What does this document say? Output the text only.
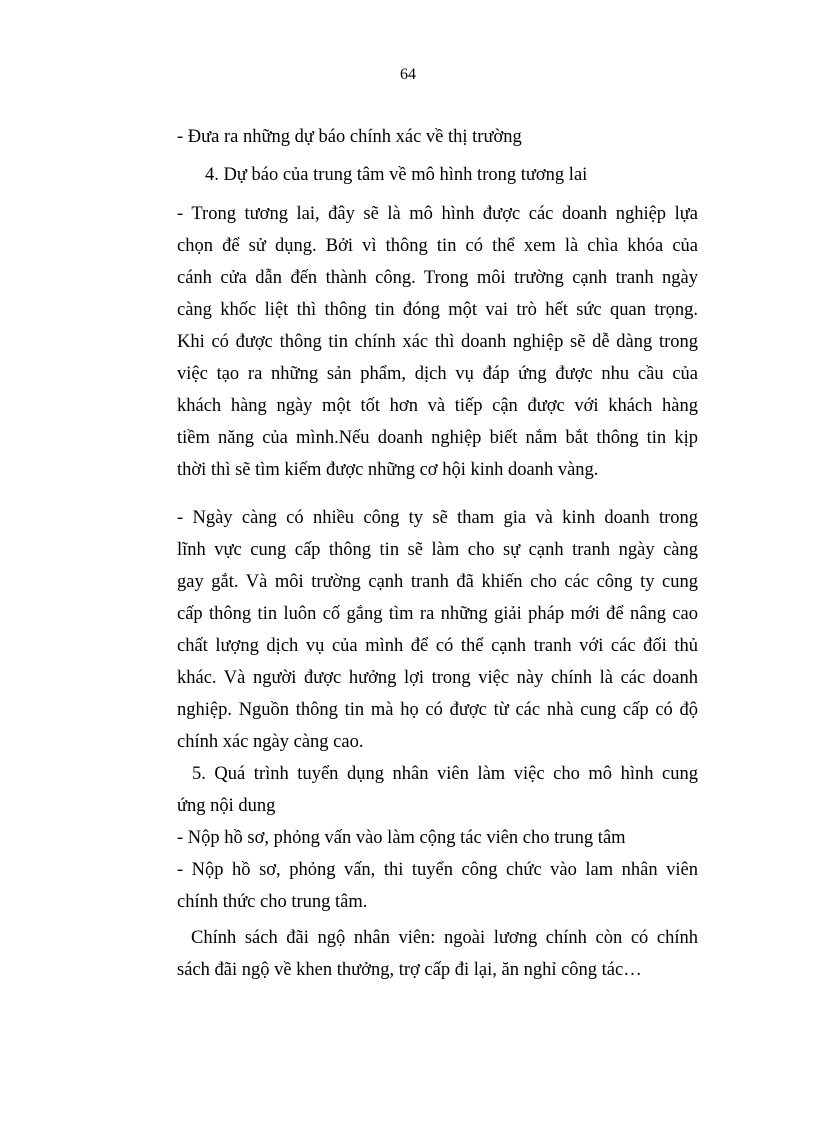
64
- Đưa ra những dự báo chính xác về thị trường
4. Dự báo của trung tâm về mô hình trong tương lai
- Trong tương lai, đây sẽ là mô hình được các doanh nghiệp lựa
chọn để sử dụng. Bởi vì thông tin có thể xem là chìa khóa của
cánh cửa dẫn đến thành công. Trong môi trường cạnh tranh ngày
càng khốc liệt thì thông tin đóng một vai trò hết sức quan trọng.
Khi có được thông tin chính xác thì doanh nghiệp sẽ dễ dàng trong
việc tạo ra những sản phẩm, dịch vụ đáp ứng được nhu cầu của
khách hàng ngày một tốt hơn và tiếp cận được với khách hàng
tiềm năng của mình.Nếu doanh nghiệp biết nắm bắt thông tin kịp
thời thì sẽ tìm kiếm được những cơ hội kinh doanh vàng.
- Ngày càng có nhiều công ty sẽ tham gia và kinh doanh trong
lĩnh vực cung cấp thông tin sẽ làm cho sự cạnh tranh ngày càng
gay gắt. Và môi trường cạnh tranh đã khiến cho các công ty cung
cấp thông tin luôn cố gắng tìm ra những giải pháp mới để nâng cao
chất lượng dịch vụ của mình để có thể cạnh tranh với các đối thủ
khác. Và người được hưởng lợi trong việc này chính là các doanh
nghiệp. Nguồn thông tin mà họ có được từ các nhà cung cấp có độ
chính xác ngày càng cao.
5. Quá trình tuyển dụng nhân viên làm việc cho mô hình cung
ứng nội dung
- Nộp hồ sơ, phỏng vấn vào làm cộng tác viên cho trung tâm
- Nộp hồ sơ, phỏng vấn, thi tuyển công chức vào lam nhân viên
chính thức cho trung tâm.
Chính sách đãi ngộ nhân viên: ngoài lương chính còn có chính
sách đãi ngộ về khen thưởng, trợ cấp đi lại, ăn nghỉ công tác…
